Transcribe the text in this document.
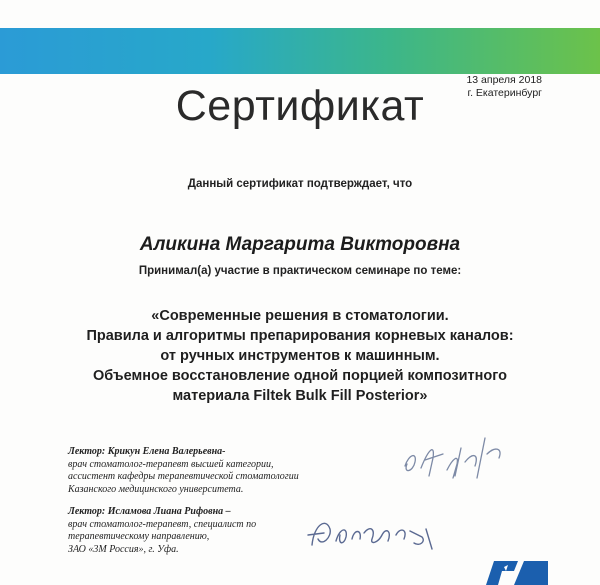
13 апреля 2018
г. Екатеринбург
Сертификат
Данный сертификат подтверждает, что
Аликина Маргарита Викторовна
Принимал(а) участие в практическом семинаре по теме:
«Современные решения в стоматологии.
Правила и алгоритмы препарирования корневых каналов:
от ручных инструментов к машинным.
Объемное восстановление одной порцией композитного
материала Filtek Bulk Fill Posterior»
Лектор: Крикун Елена Валерьевна-
врач стоматолог-терапевт высшей категории,
ассистент кафедры терапевтической стоматологии
Казанского медицинского университета.
Лектор: Исламова Лиана Рифовна –
врач стоматолог-терапевт, специалист по
терапевтическому направлению,
ЗАО «3М Россия», г. Уфа.
